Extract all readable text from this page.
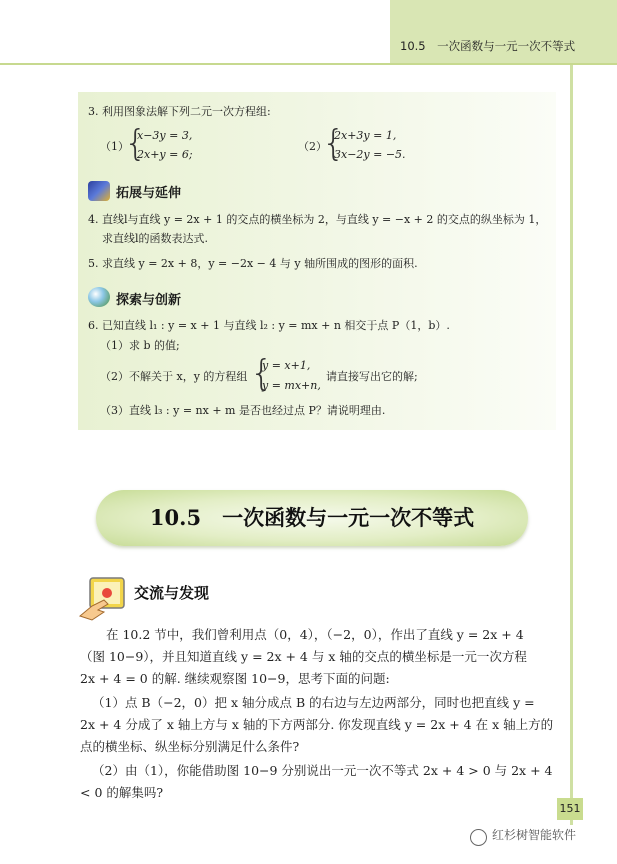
10.5　一次函数与一元一次不等式
3. 利用图象法解下列二元一次方程组:
（1）
{
x−3y = 3,
2x+y = 6;
（2）
{
2x+3y = 1,
3x−2y = −5.
拓展与延伸
4. 直线l与直线 y = 2x + 1 的交点的横坐标为 2，与直线 y = −x + 2 的交点的纵坐标为 1，
求直线l的函数表达式.
5. 求直线 y = 2x + 8，y = −2x − 4 与 y 轴所围成的图形的面积.
探索与创新
6. 已知直线 l₁ : y = x + 1 与直线 l₂ : y = mx + n 相交于点 P（1，b）.
（1）求 b 的值;
（2）不解关于 x，y 的方程组 {
y = x+1,
y = mx+n,
请直接写出它的解;
（3）直线 l₃ : y = nx + m 是否也经过点 P？请说明理由.
10.5　一次函数与一元一次不等式
交流与发现
在 10.2 节中，我们曾利用点（0，4），（−2，0），作出了直线 y = 2x + 4
（图 10−9），并且知道直线 y = 2x + 4 与 x 轴的交点的横坐标是一元一次方程
2x + 4 = 0 的解. 继续观察图 10−9，思考下面的问题:
（1）点 B（−2，0）把 x 轴分成点 B 的右边与左边两部分，同时也把直线 y =
2x + 4 分成了 x 轴上方与 x 轴的下方两部分. 你发现直线 y = 2x + 4 在 x 轴上方的
点的横坐标、纵坐标分别满足什么条件?
（2）由（1），你能借助图 10−9 分别说出一元一次不等式 2x + 4 > 0 与 2x + 4
< 0 的解集吗?
151
红杉树智能软件
